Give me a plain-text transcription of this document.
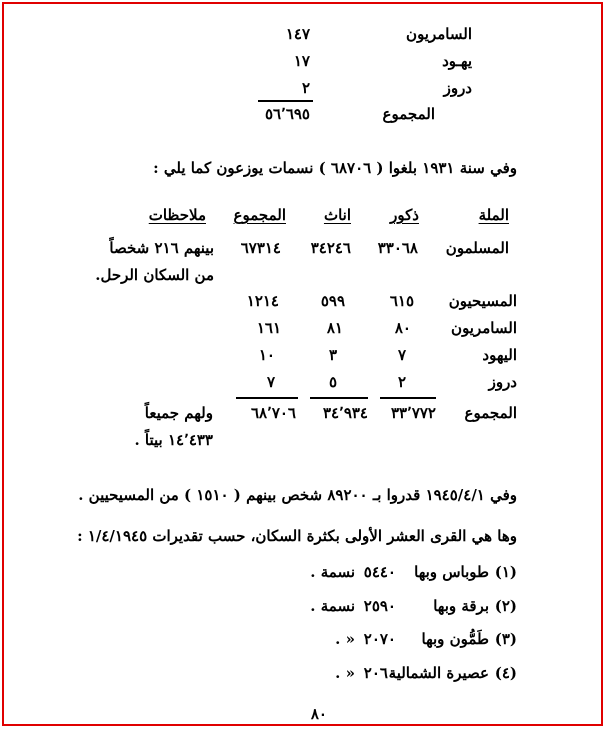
السامريون
١٤٧
يهـود
١٧
دروز
٢
المجموع
٥٦٬٦٩٥
وفي سنة ١٩٣١ بلغوا ( ٦٨٧٠٦ ) نسمات يوزعون كما يلي :
الملة
ذكور
اناث
المجموع
ملاحظات
المسلمون
٣٣٠٦٨
٣٤٢٤٦
٦٧٣١٤
بينهم ٢١٦ شخصاً
من السكان الرحل.
المسيحيون
٦١٥
٥٩٩
١٢١٤
السامريون
٨٠
٨١
١٦١
اليهود
٧
٣
١٠
دروز
٢
٥
٧
المجموع
٣٣٬٧٧٢
٣٤٬٩٣٤
٦٨٬٧٠٦
ولهم جميعاً
١٤٬٤٣٣ بيتاً .
وفي ١٩٤٥/٤/١ قدروا بـ ٨٩٢٠٠ شخص بينهم ( ١٥١٠ ) من المسيحيين .
وها هي القرى العشر الأولى بكثرة السكان، حسب تقديرات ١/٤/١٩٤٥ :
(١)
طوباس وبها
٥٤٤٠
نسمة .
(٢)
برقة وبها
٢٥٩٠
نسمة .
(٣)
طَمُّون وبها
٢٠٧٠
« .
(٤)
عصيرة الشمالية
٢٠٦٠
« .
٨٠
